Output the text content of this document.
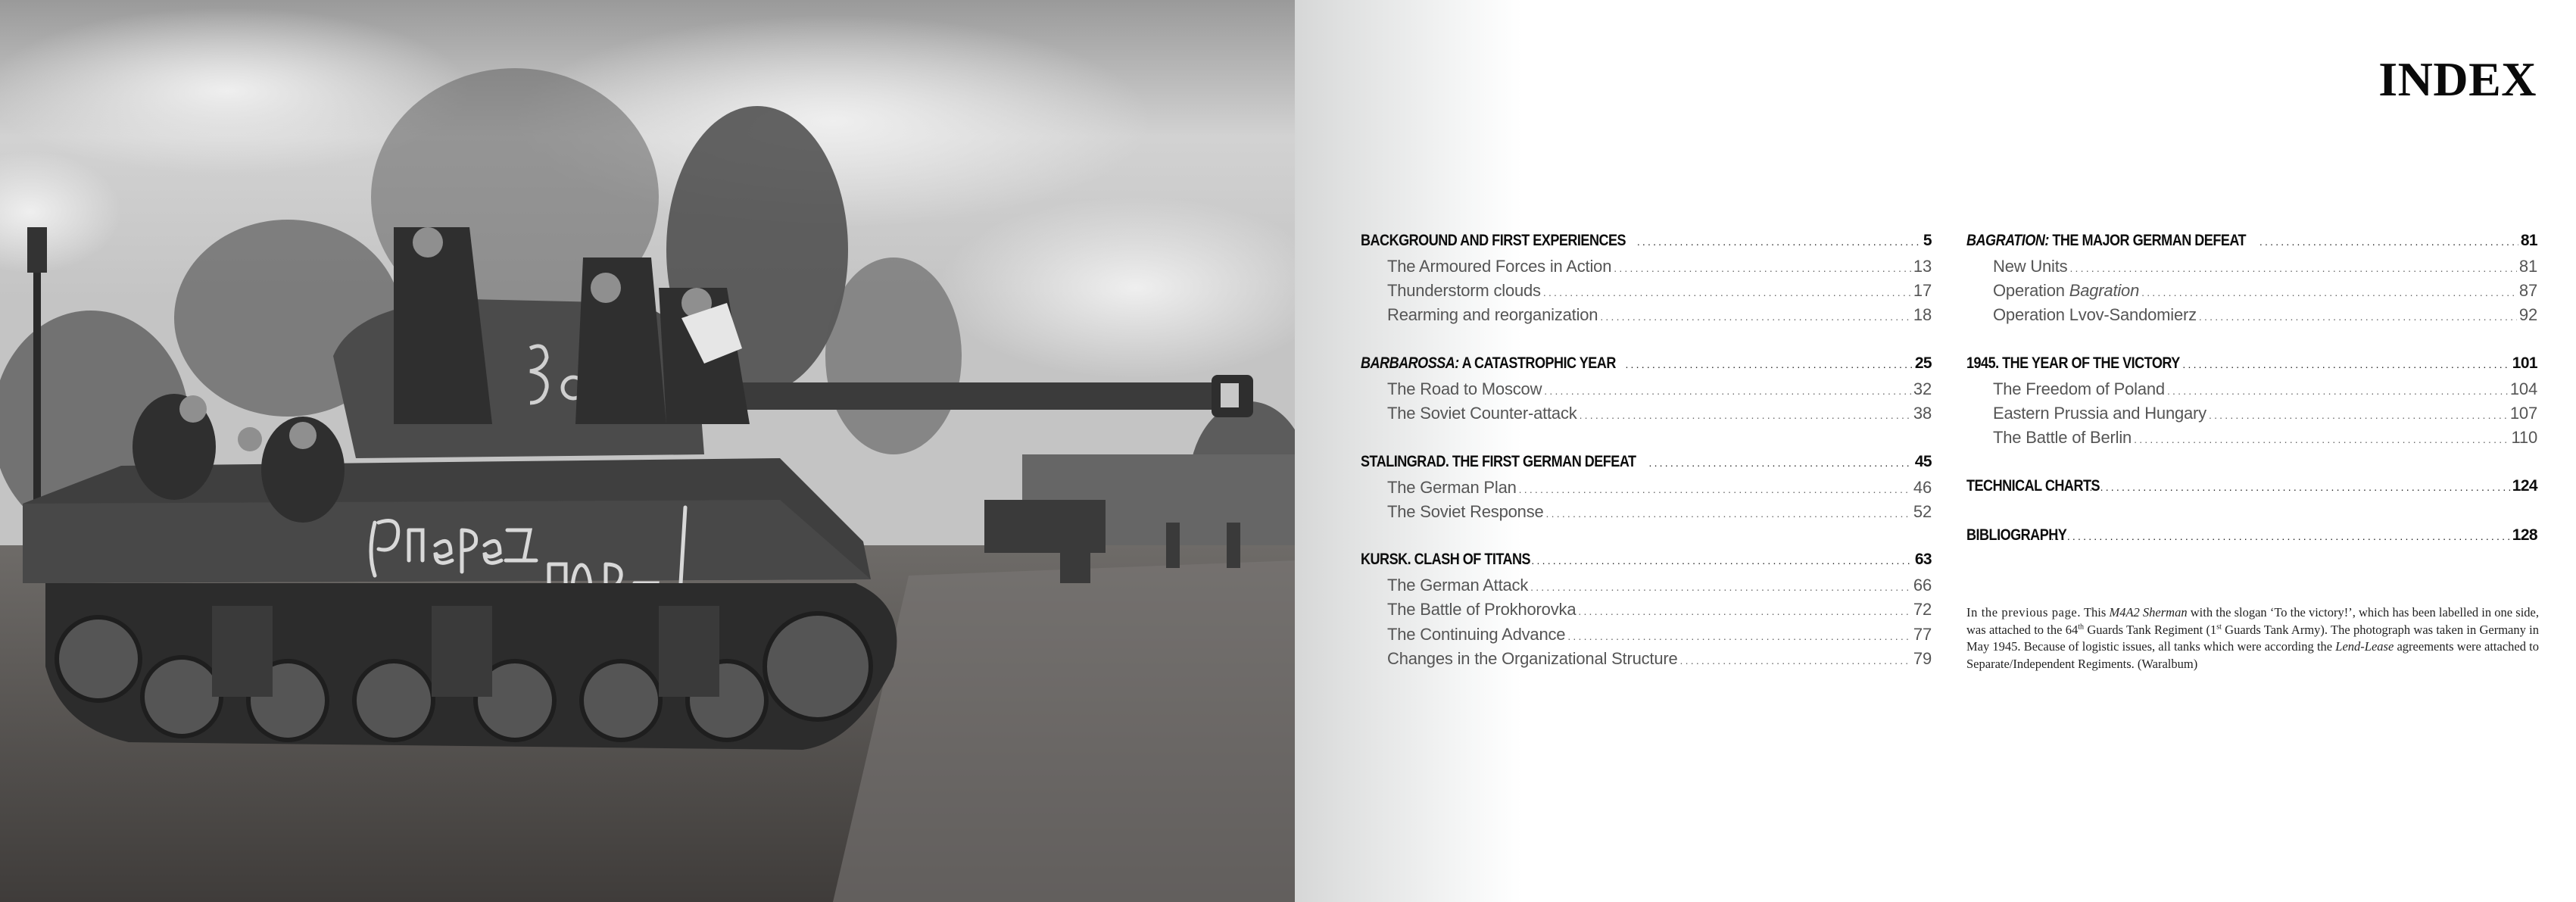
INDEX
BACKGROUND AND FIRST EXPERIENCES .....	5
The Armoured Forces in Action .....	13
Thunderstorm clouds .....	17
Rearming and reorganization .....	18
BARBAROSSA: A CATASTROPHIC YEAR .....	25
The Road to Moscow .....	32
The Soviet Counter-attack .....	38
STALINGRAD. THE FIRST GERMAN DEFEAT .....	45
The German Plan .....	46
The Soviet Response .....	52
KURSK. CLASH OF TITANS .....	63
The German Attack .....	66
The Battle of Prokhorovka .....	72
The Continuing Advance .....	77
Changes in the Organizational Structure .....	79
BAGRATION: THE MAJOR GERMAN DEFEAT .....	81
New Units .....	81
Operation Bagration .....	87
Operation Lvov-Sandomierz .....	92
1945. THE YEAR OF THE VICTORY .....	101
The Freedom of Poland .....	104
Eastern Prussia and Hungary .....	107
The Battle of Berlin .....	110
TECHNICAL CHARTS .....	124
BIBLIOGRAPHY .....	128
In the previous page. This M4A2 Sherman with the slogan ‘To the victory!’, which has been labelled in one side, was attached to the 64th Guards Tank Regiment (1st Guards Tank Army). The photograph was taken in Germany in May 1945. Because of logistic issues, all tanks which were according the Lend-Lease agreements were attached to Separate/Independent Regiments. (Waralbum)
